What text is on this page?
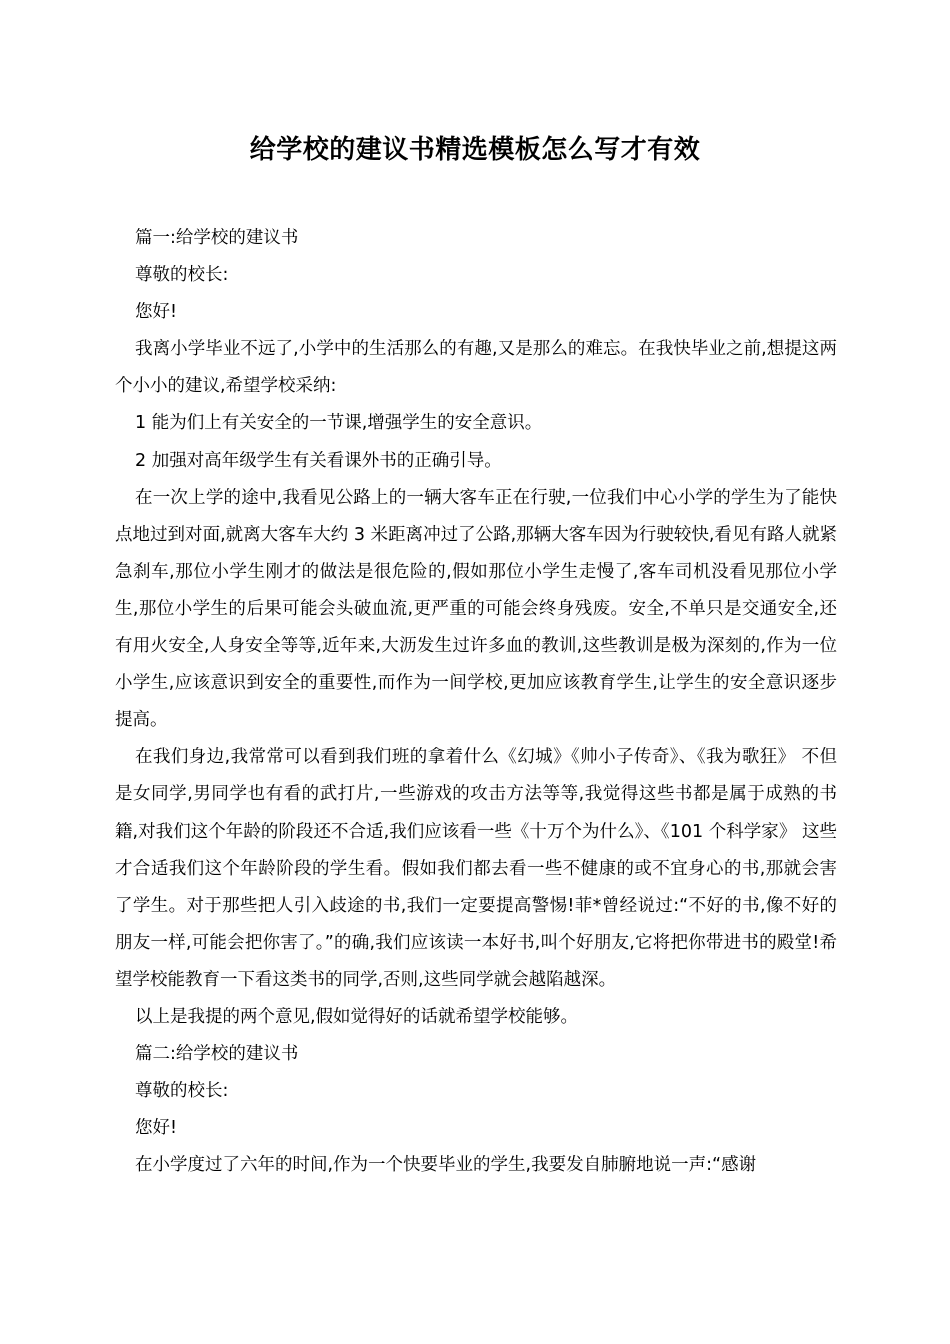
给学校的建议书精选模板怎么写才有效

篇一:给学校的建议书

尊敬的校长:

您好!

我离小学毕业不远了,小学中的生活那么的有趣,又是那么的难忘。在我快毕业之前,想提这两个小小的建议,希望学校采纳:

1 能为们上有关安全的一节课,增强学生的安全意识。

2 加强对高年级学生有关看课外书的正确引导。

在一次上学的途中,我看见公路上的一辆大客车正在行驶,一位我们中心小学的学生为了能快点地过到对面,就离大客车大约 3 米距离冲过了公路,那辆大客车因为行驶较快,看见有路人就紧急刹车,那位小学生刚才的做法是很危险的,假如那位小学生走慢了,客车司机没看见那位小学生,那位小学生的后果可能会头破血流,更严重的可能会终身残废。安全,不单只是交通安全,还有用火安全,人身安全等等,近年来,大沥发生过许多血的教训,这些教训是极为深刻的,作为一位小学生,应该意识到安全的重要性,而作为一间学校,更加应该教育学生,让学生的安全意识逐步提高。

在我们身边,我常常可以看到我们班的拿着什么《幻城》《帅小子传奇》、《我为歌狂》 不但是女同学,男同学也有看的武打片,一些游戏的攻击方法等等,我觉得这些书都是属于成熟的书籍,对我们这个年龄的阶段还不合适,我们应该看一些《十万个为什么》、《101 个科学家》 这些才合适我们这个年龄阶段的学生看。假如我们都去看一些不健康的或不宜身心的书,那就会害了学生。对于那些把人引入歧途的书,我们一定要提高警惕!菲*曾经说过:“不好的书,像不好的朋友一样,可能会把你害了。”的确,我们应该读一本好书,叫个好朋友,它将把你带进书的殿堂!希望学校能教育一下看这类书的同学,否则,这些同学就会越陷越深。

以上是我提的两个意见,假如觉得好的话就希望学校能够。

篇二:给学校的建议书

尊敬的校长:

您好!

在小学度过了六年的时间,作为一个快要毕业的学生,我要发自肺腑地说一声:“感谢
